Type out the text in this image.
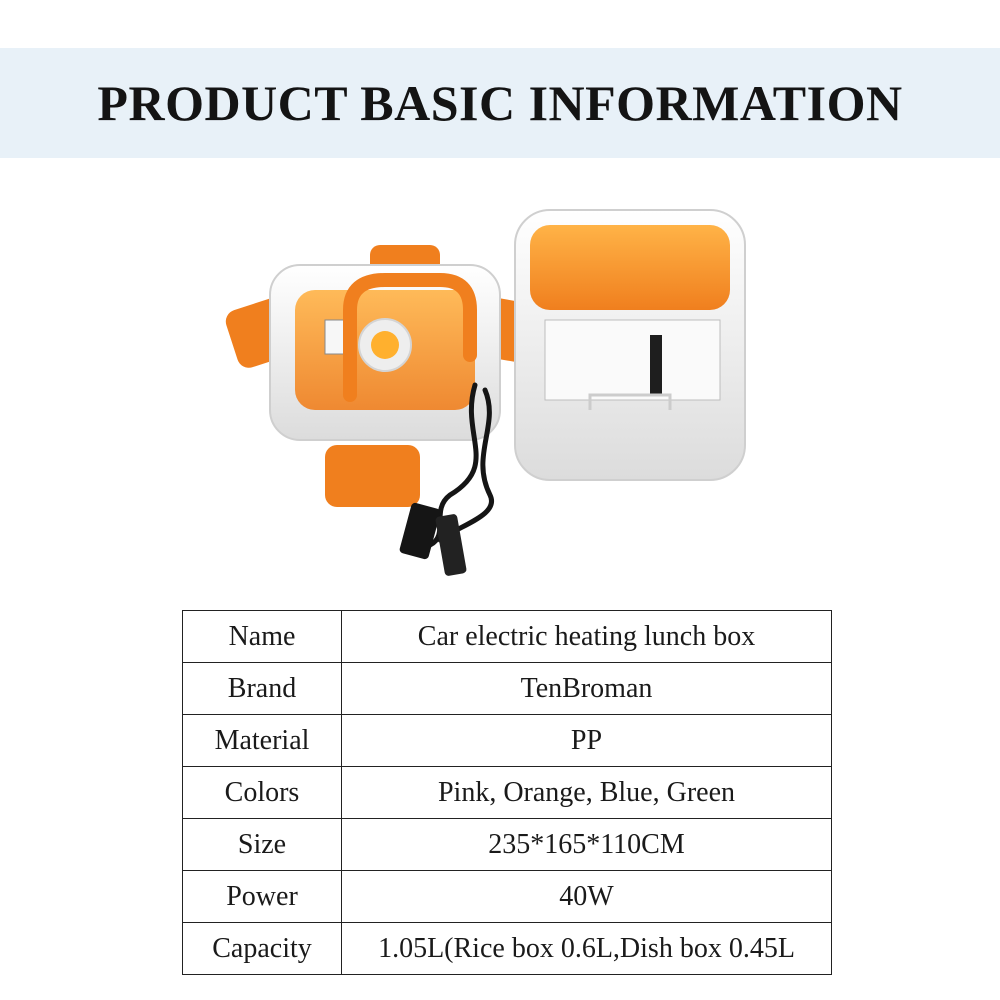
PRODUCT BASIC INFORMATION
Name	Car electric heating lunch box
Brand	TenBroman
Material	PP
Colors	Pink, Orange, Blue, Green
Size	235*165*110CM
Power	40W
Capacity	1.05L(Rice box 0.6L,Dish box 0.45L
